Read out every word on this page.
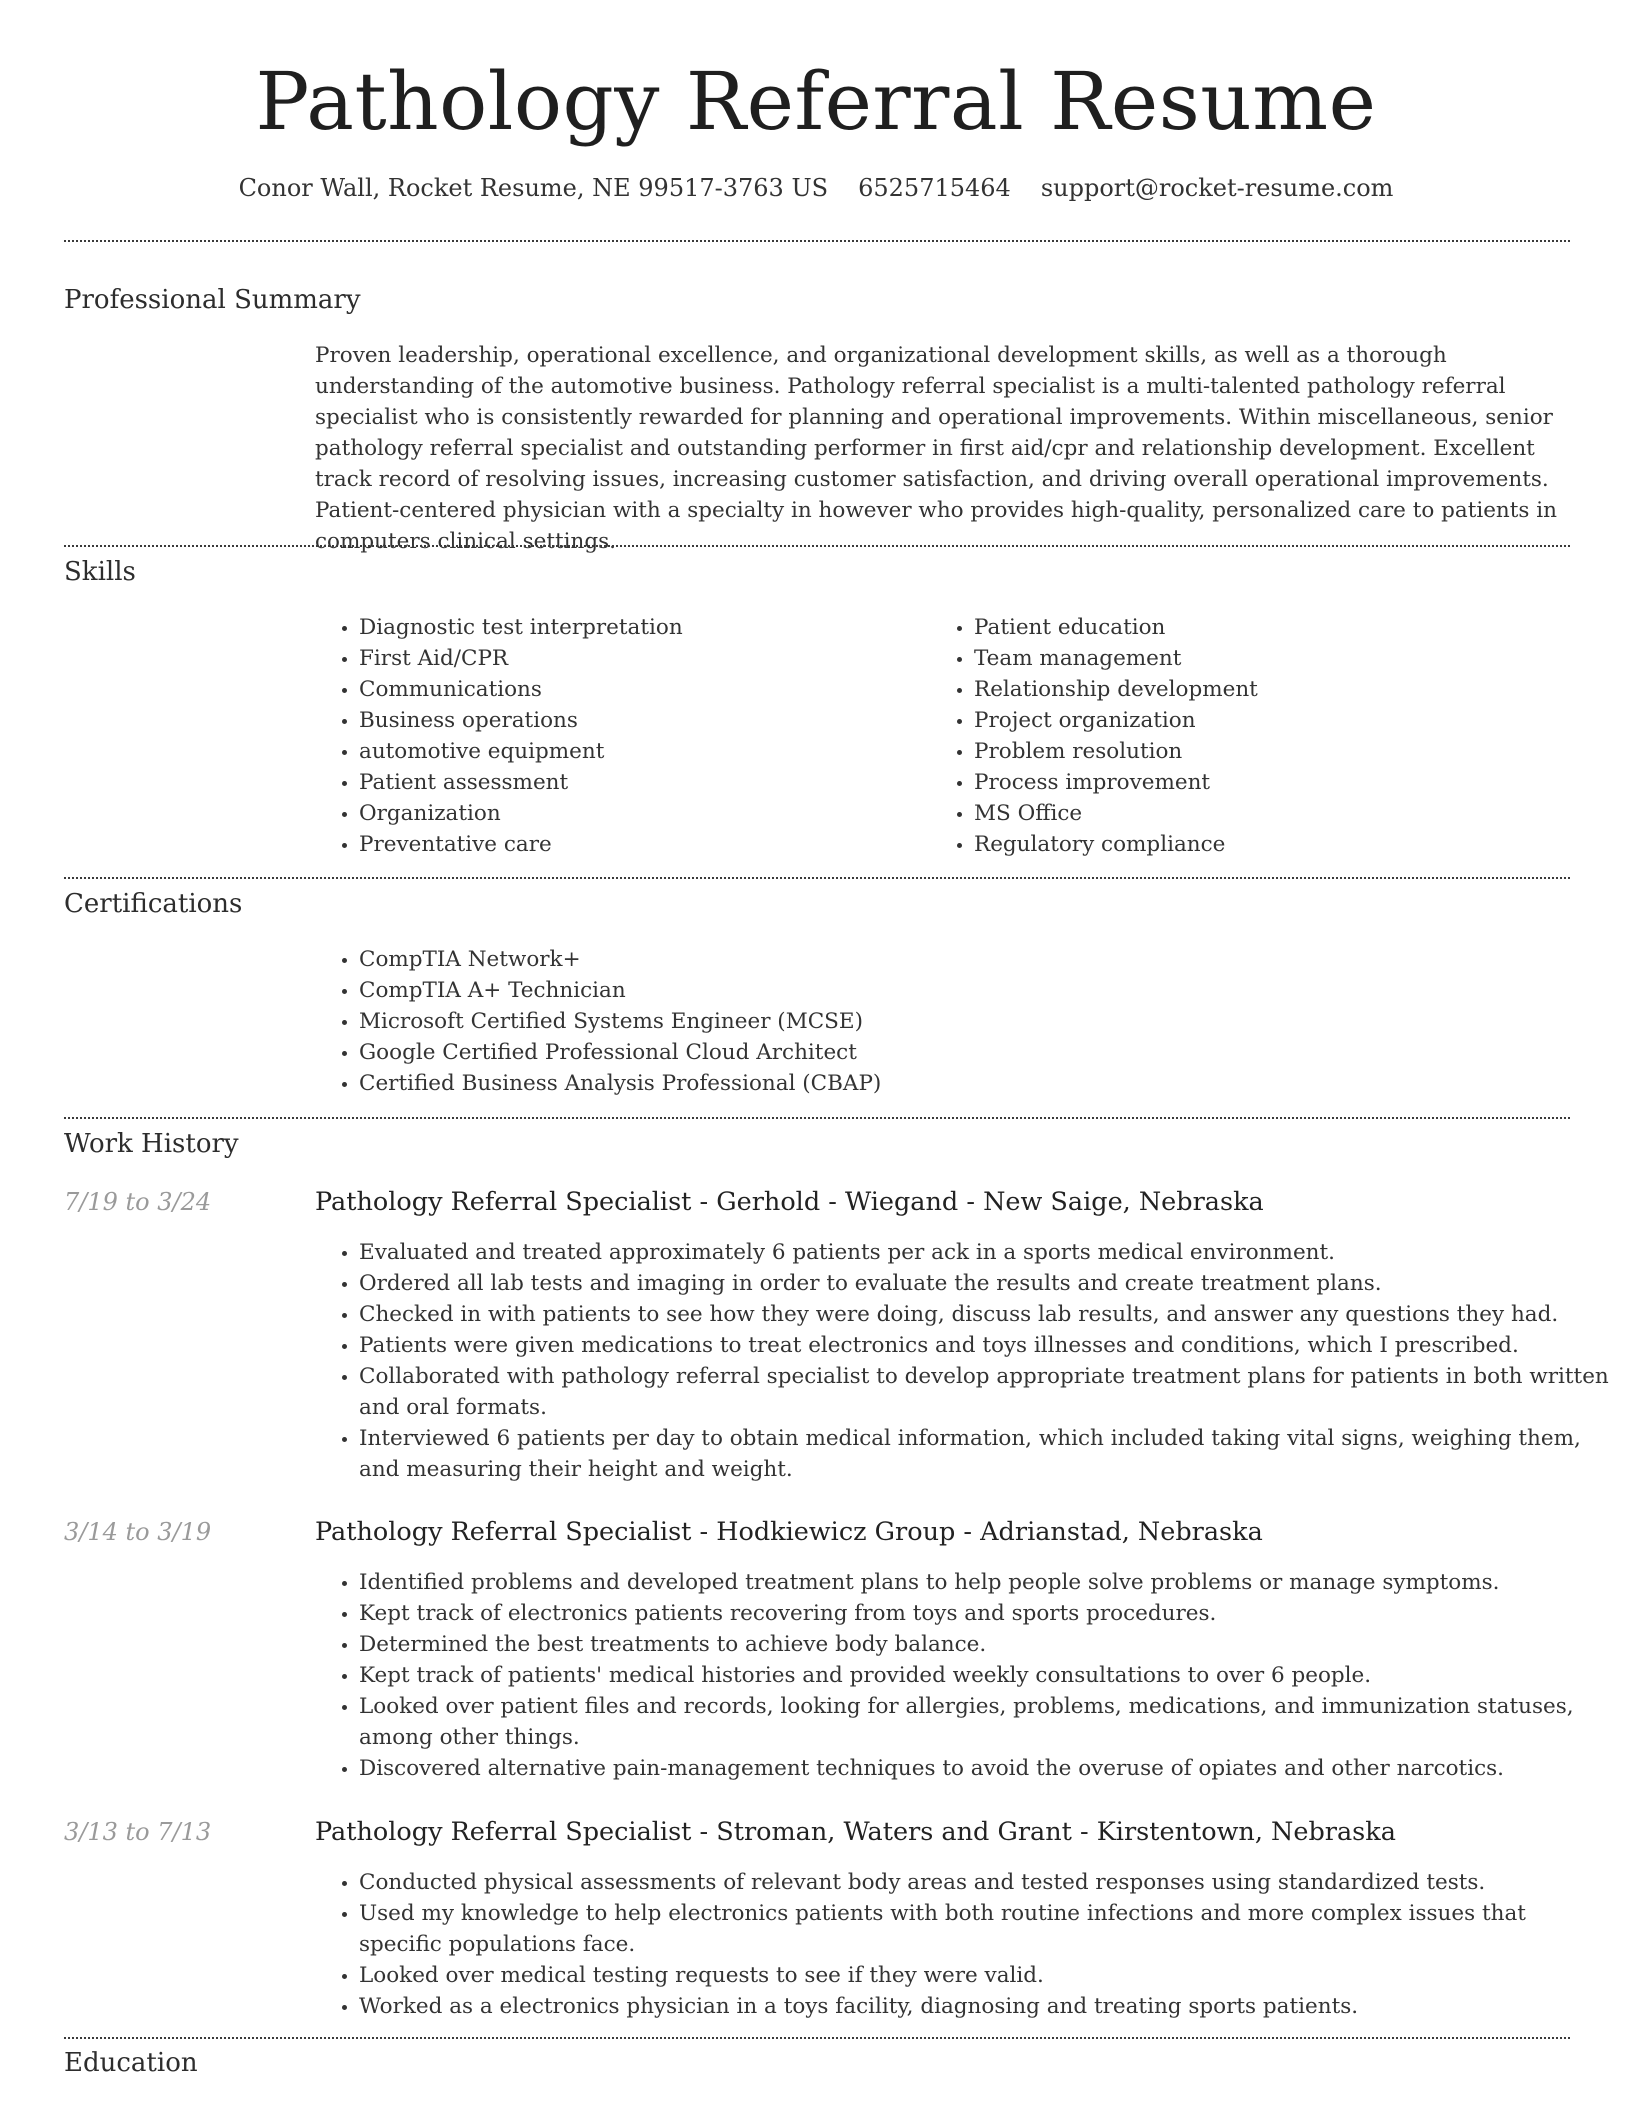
Pathology Referral Resume
Conor Wall, Rocket Resume, NE 99517-3763 US 6525715464 support@rocket-resume.com
Professional Summary

Proven leadership, operational excellence, and organizational development skills, as well as a thorough understanding of the automotive business. Pathology referral specialist is a multi-talented pathology referral specialist who is consistently rewarded for planning and operational improvements. Within miscellaneous, senior pathology referral specialist and outstanding performer in first aid/cpr and relationship development. Excellent track record of resolving issues, increasing customer satisfaction, and driving overall operational improvements. Patient-centered physician with a specialty in however who provides high-quality, personalized care to patients in computers clinical settings.

Skills
• Diagnostic test interpretation
• First Aid/CPR
• Communications
• Business operations
• automotive equipment
• Patient assessment
• Organization
• Preventative care
• Patient education
• Team management
• Relationship development
• Project organization
• Problem resolution
• Process improvement
• MS Office
• Regulatory compliance
Certifications
• CompTIA Network+
• CompTIA A+ Technician
• Microsoft Certified Systems Engineer (MCSE)
• Google Certified Professional Cloud Architect
• Certified Business Analysis Professional (CBAP)
Work History
7/19 to 3/24	Pathology Referral Specialist - Gerhold - Wiegand - New Saige, Nebraska
• Evaluated and treated approximately 6 patients per ack in a sports medical environment.
• Ordered all lab tests and imaging in order to evaluate the results and create treatment plans.
• Checked in with patients to see how they were doing, discuss lab results, and answer any questions they had.
• Patients were given medications to treat electronics and toys illnesses and conditions, which I prescribed.
• Collaborated with pathology referral specialist to develop appropriate treatment plans for patients in both written and oral formats.
• Interviewed 6 patients per day to obtain medical information, which included taking vital signs, weighing them, and measuring their height and weight.
3/14 to 3/19	Pathology Referral Specialist - Hodkiewicz Group - Adrianstad, Nebraska
• Identified problems and developed treatment plans to help people solve problems or manage symptoms.
• Kept track of electronics patients recovering from toys and sports procedures.
• Determined the best treatments to achieve body balance.
• Kept track of patients' medical histories and provided weekly consultations to over 6 people.
• Looked over patient files and records, looking for allergies, problems, medications, and immunization statuses, among other things.
• Discovered alternative pain-management techniques to avoid the overuse of opiates and other narcotics.
3/13 to 7/13	Pathology Referral Specialist - Stroman, Waters and Grant - Kirstentown, Nebraska
• Conducted physical assessments of relevant body areas and tested responses using standardized tests.
• Used my knowledge to help electronics patients with both routine infections and more complex issues that specific populations face.
• Looked over medical testing requests to see if they were valid.
• Worked as a electronics physician in a toys facility, diagnosing and treating sports patients.
Education
